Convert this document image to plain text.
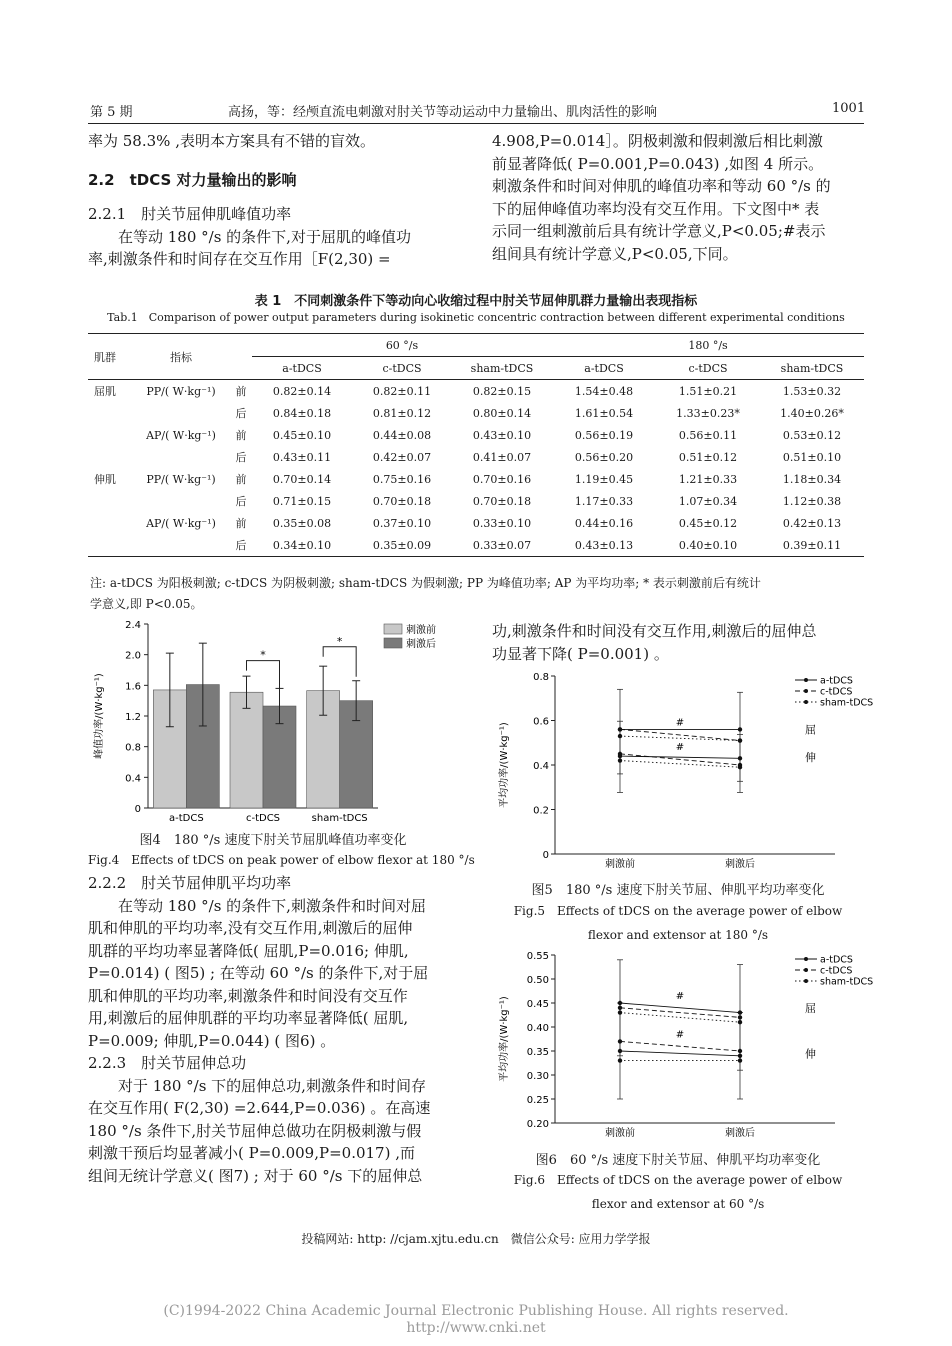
第 5 期	高扬，等：经颅直流电刺激对肘关节等动运动中力量输出、肌肉活性的影响	1001

率为 58.3% ,表明本方案具有不错的盲效。

2.2　tDCS 对力量输出的影响

2.2.1　肘关节屈伸肌峰值功率

在等动 180 °/s 的条件下,对于屈肌的峰值功

率,刺激条件和时间存在交互作用［F(2,30) =

4.908,P=0.014］。阴极刺激和假刺激后相比刺激

前显著降低( P=0.001,P=0.043) ,如图 4 所示。

刺激条件和时间对伸肌的峰值功率和等动 60 °/s 的

下的屈伸峰值功率均没有交互作用。下文图中* 表

示同一组刺激前后具有统计学意义,P<0.05;#表示

组间具有统计学意义,P<0.05,下同。

表 1　不同刺激条件下等动向心收缩过程中肘关节屈伸肌群力量输出表现指标
Tab.1　Comparison of power output parameters during isokinetic concentric contraction between different experimental conditions
肌群	指标		60 °/s			180 °/s		
			a-tDCS	c-tDCS	sham-tDCS	a-tDCS	c-tDCS	sham-tDCS
屈肌	PP/( W·kg⁻¹)	前	0.82±0.14	0.82±0.11	0.82±0.15	1.54±0.48	1.51±0.21	1.53±0.32
		后	0.84±0.18	0.81±0.12	0.80±0.14	1.61±0.54	1.33±0.23*	1.40±0.26*
	AP/( W·kg⁻¹)	前	0.45±0.10	0.44±0.08	0.43±0.10	0.56±0.19	0.56±0.11	0.53±0.12
		后	0.43±0.11	0.42±0.07	0.41±0.07	0.56±0.20	0.51±0.12	0.51±0.10
伸肌	PP/( W·kg⁻¹)	前	0.70±0.14	0.75±0.16	0.70±0.16	1.19±0.45	1.21±0.33	1.18±0.34
		后	0.71±0.15	0.70±0.18	0.70±0.18	1.17±0.33	1.07±0.34	1.12±0.38
	AP/( W·kg⁻¹)	前	0.35±0.08	0.37±0.10	0.33±0.10	0.44±0.16	0.45±0.12	0.42±0.13
		后	0.34±0.10	0.35±0.09	0.33±0.07	0.43±0.13	0.40±0.10	0.39±0.11
注: a-tDCS 为阳极刺激; c-tDCS 为阴极刺激; sham-tDCS 为假刺激; PP 为峰值功率; AP 为平均功率; * 表示刺激前后有统计
学意义,即 P<0.05。
0
0.4
0.8
1.2
1.6
2.0
2.4
峰值功率/(W·kg⁻¹)
a-tDCS	c-tDCS	sham-tDCS
*
*
刺激前
刺激后
图4　180 °/s 速度下肘关节屈肌峰值功率变化
Fig.4　Effects of tDCS on peak power of elbow flexor at 180 °/s

2.2.2　肘关节屈伸肌平均功率

在等动 180 °/s 的条件下,刺激条件和时间对屈

肌和伸肌的平均功率,没有交互作用,刺激后的屈伸

肌群的平均功率显著降低( 屈肌,P=0.016; 伸肌,

P=0.014) ( 图5) ; 在等动 60 °/s 的条件下,对于屈

肌和伸肌的平均功率,刺激条件和时间没有交互作

用,刺激后的屈伸肌群的平均功率显著降低( 屈肌,

P=0.009; 伸肌,P=0.044) ( 图6) 。

2.2.3　肘关节屈伸总功

对于 180 °/s 下的屈伸总功,刺激条件和时间存

在交互作用( F(2,30) =2.644,P=0.036) 。在高速

180 °/s 条件下,肘关节屈伸总做功在阴极刺激与假

刺激干预后均显著减小( P=0.009,P=0.017) ,而

组间无统计学意义( 图7) ; 对于 60 °/s 下的屈伸总

功,刺激条件和时间没有交互作用,刺激后的屈伸总

功显著下降( P=0.001) 。

0
0.2
0.4
0.6
0.8
平均功率/(W·kg⁻¹)
刺激前	刺激后
屈
伸
#
#
a-tDCS
c-tDCS
sham-tDCS
图5　180 °/s 速度下肘关节屈、伸肌平均功率变化
Fig.5　Effects of tDCS on the average power of elbow
flexor and extensor at 180 °/s
0.20
0.25
0.30
0.35
0.40
0.45
0.50
0.55
平均功率/(W·kg⁻¹)
刺激前	刺激后
屈
伸
#
#
a-tDCS
c-tDCS
sham-tDCS
图6　60 °/s 速度下肘关节屈、伸肌平均功率变化
Fig.6　Effects of tDCS on the average power of elbow
flexor and extensor at 60 °/s
投稿网站: http: //cjam.xjtu.edu.cn　微信公众号: 应用力学学报
(C)1994-2022 China Academic Journal Electronic Publishing House. All rights reserved.　 http://www.cnki.net
